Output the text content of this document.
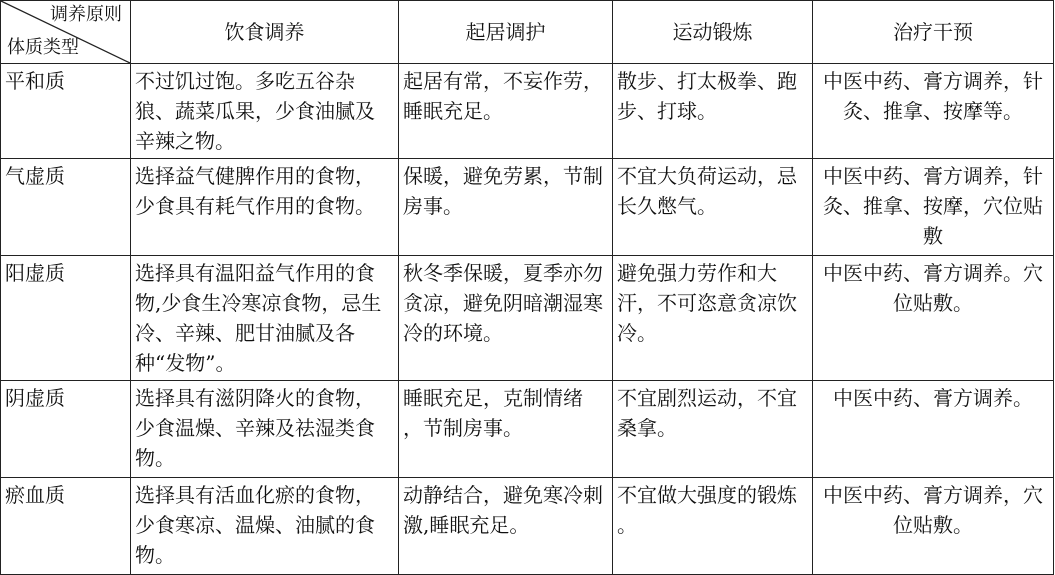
调养原则
体质类型	饮食调养	起居调护	运动锻炼	治疗干预
平和质	不过饥过饱。多吃五谷杂狼、蔬菜瓜果，少食油腻及辛辣之物。	起居有常，不妄作劳，睡眠充足。	散步、打太极拳、跑步、打球。	中医中药、膏方调养，针灸、推拿、按摩等。
气虚质	选择益气健脾作用的食物，少食具有耗气作用的食物。	保暖，避免劳累，节制房事。	不宜大负荷运动，忌长久憋气。	中医中药、膏方调养，针灸、推拿、按摩，穴位贴敷
阳虚质	选择具有温阳益气作用的食物,少食生冷寒凉食物，忌生冷、辛辣、肥甘油腻及各种“发物”。	秋冬季保暖，夏季亦勿贪凉，避免阴暗潮湿寒冷的环境。	避免强力劳作和大汗，不可恣意贪凉饮冷。	中医中药、膏方调养。穴位贴敷。
阴虚质	选择具有滋阴降火的食物，少食温燥、辛辣及祛湿类食物。	睡眠充足，克制情绪 ，节制房事。	不宜剧烈运动，不宜桑拿。	中医中药、膏方调养。
瘀血质	选择具有活血化瘀的食物，少食寒凉、温燥、油腻的食物。	动静结合，避免寒冷刺激,睡眠充足。	不宜做大强度的锻炼 。	中医中药、膏方调养，穴位贴敷。
